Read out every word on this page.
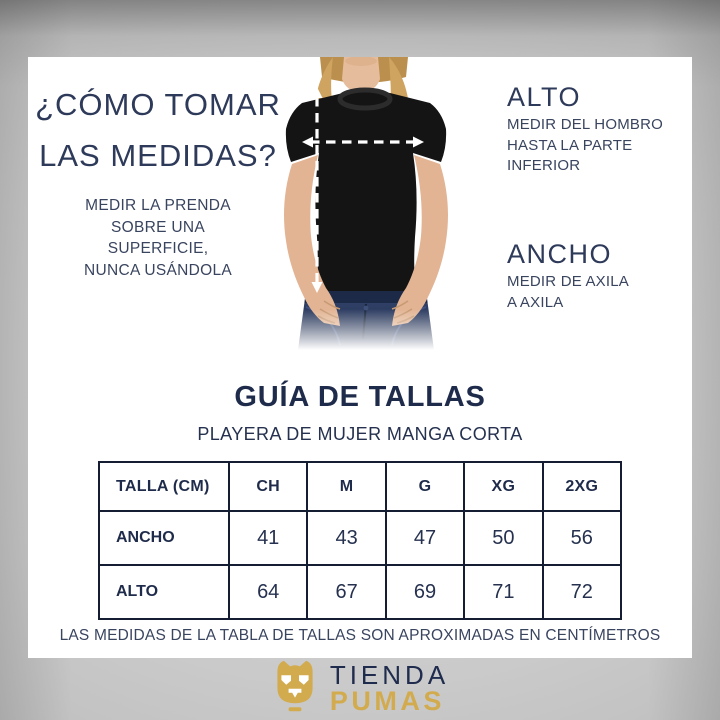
¿CÓMO TOMAR
LAS MEDIDAS?
MEDIR LA PRENDA
SOBRE UNA
SUPERFICIE,
NUNCA USÁNDOLA
ALTO
MEDIR DEL HOMBRO
HASTA LA PARTE
INFERIOR
ANCHO
MEDIR DE AXILA
A AXILA
GUÍA DE TALLAS
PLAYERA DE MUJER MANGA CORTA
TALLA (CM)	CH	M	G	XG	2XG
ANCHO	41	43	47	50	56
ALTO	64	67	69	71	72
LAS MEDIDAS DE LA TABLA DE TALLAS SON APROXIMADAS EN CENTÍMETROS
TIENDA
PUMAS
